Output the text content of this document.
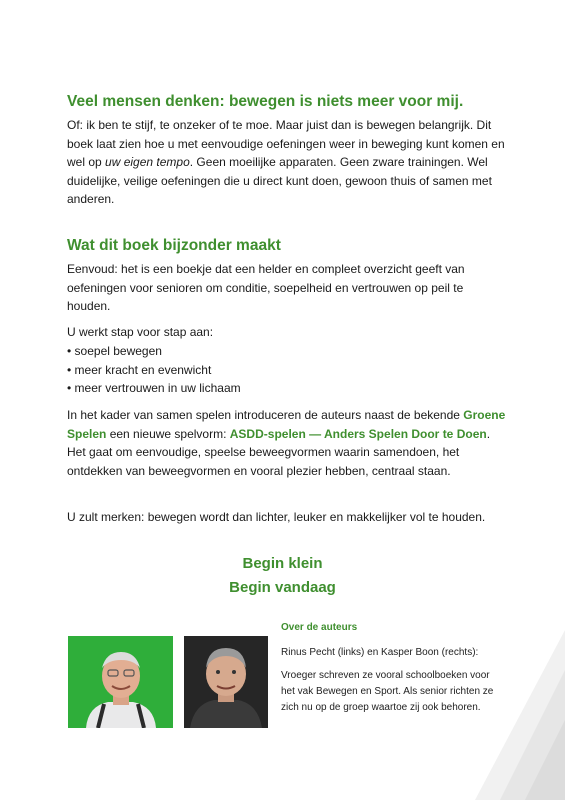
Veel mensen denken: bewegen is niets meer voor mij.

Of: ik ben te stijf, te onzeker of te moe. Maar juist dan is bewegen belangrijk. Dit boek laat zien hoe u met eenvoudige oefeningen weer in beweging kunt komen en wel op uw eigen tempo. Geen moeilijke apparaten. Geen zware trainingen. Wel duidelijke, veilige oefeningen die u direct kunt doen, gewoon thuis of samen met anderen.

Wat dit boek bijzonder maakt

Eenvoud: het is een boekje dat een helder en compleet overzicht geeft van oefeningen voor senioren om conditie, soepelheid en vertrouwen op peil te houden.

U werkt stap voor stap aan:

• soepel bewegen
• meer kracht en evenwicht
• meer vertrouwen in uw lichaam

In het kader van samen spelen introduceren de auteurs naast de bekende Groene Spelen een nieuwe spelvorm: ASDD-spelen — Anders Spelen Door te Doen. Het gaat om eenvoudige, speelse beweegvormen waarin samendoen, het ontdekken van beweegvormen en vooral plezier hebben, centraal staan.

U zult merken: bewegen wordt dan lichter, leuker en makkelijker vol te houden.

Begin klein
Begin vandaag
Over de auteurs
Rinus Pecht (links) en Kasper Boon (rechts):
Vroeger schreven ze vooral schoolboeken voor het vak Bewegen en Sport. Als senior richten ze zich nu op de groep waartoe zij ook behoren.
